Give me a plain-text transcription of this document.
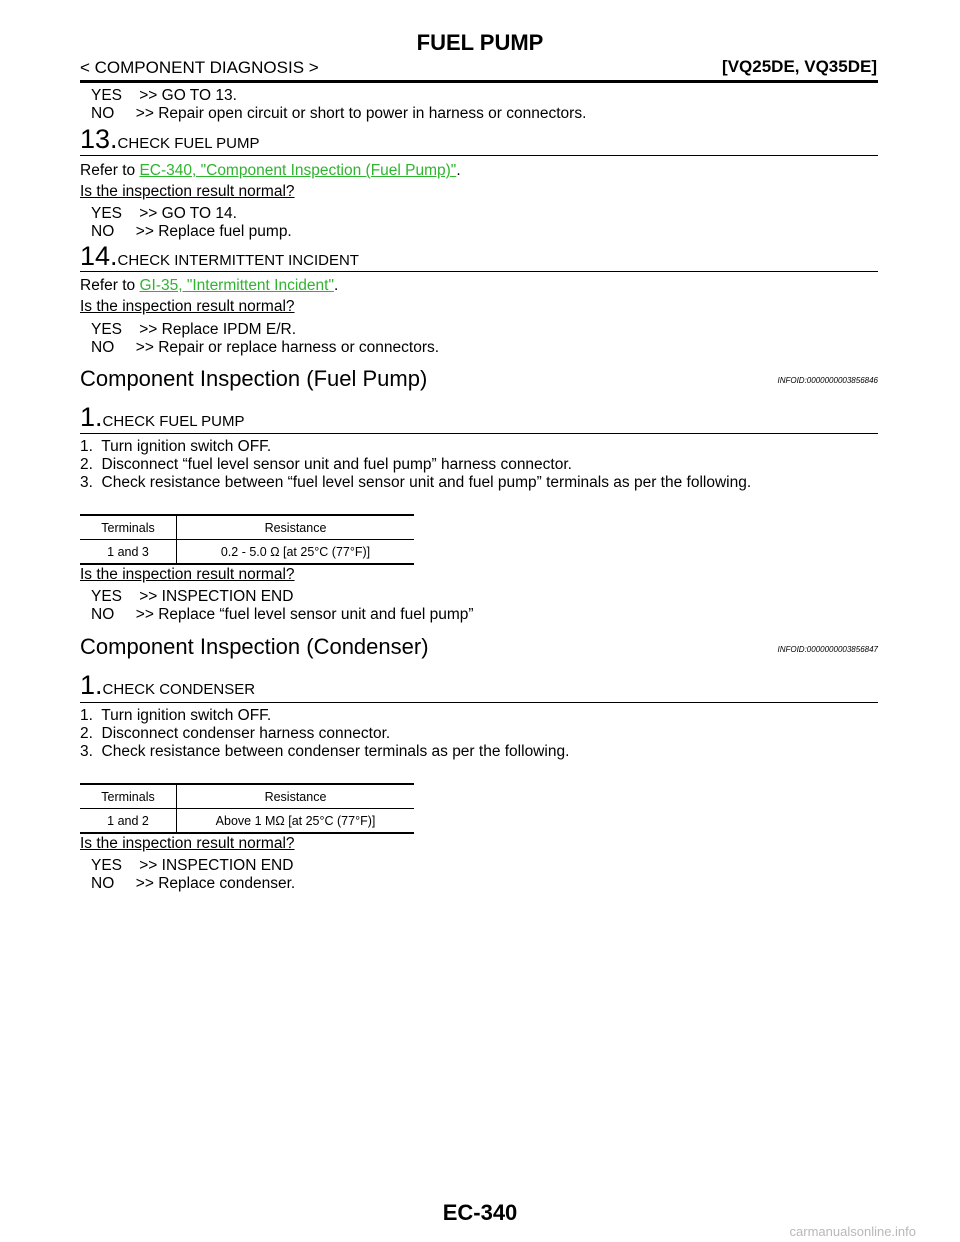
FUEL PUMP
< COMPONENT DIAGNOSIS >	[VQ25DE, VQ35DE]
YES    >> GO TO 13.
NO     >> Repair open circuit or short to power in harness or connectors.
13.CHECK FUEL PUMP
Refer to EC-340, "Component Inspection (Fuel Pump)".
Is the inspection result normal?
YES    >> GO TO 14.
NO     >> Replace fuel pump.
14.CHECK INTERMITTENT INCIDENT
Refer to GI-35, "Intermittent Incident".
Is the inspection result normal?
YES    >> Replace IPDM E/R.
NO     >> Repair or replace harness or connectors.
Component Inspection (Fuel Pump)	INFOID:0000000003856846
1.CHECK FUEL PUMP
1.  Turn ignition switch OFF.
2.  Disconnect “fuel level sensor unit and fuel pump” harness connector.
3.  Check resistance between “fuel level sensor unit and fuel pump” terminals as per the following.
Terminals	Resistance
1 and 3	0.2 - 5.0 Ω [at 25°C (77°F)]
Is the inspection result normal?
YES    >> INSPECTION END
NO     >> Replace “fuel level sensor unit and fuel pump”
Component Inspection (Condenser)	INFOID:0000000003856847
1.CHECK CONDENSER
1.  Turn ignition switch OFF.
2.  Disconnect condenser harness connector.
3.  Check resistance between condenser terminals as per the following.
Terminals	Resistance
1 and 2	Above 1 MΩ [at 25°C (77°F)]
Is the inspection result normal?
YES    >> INSPECTION END
NO     >> Replace condenser.
EC-340
carmanualsonline.info
